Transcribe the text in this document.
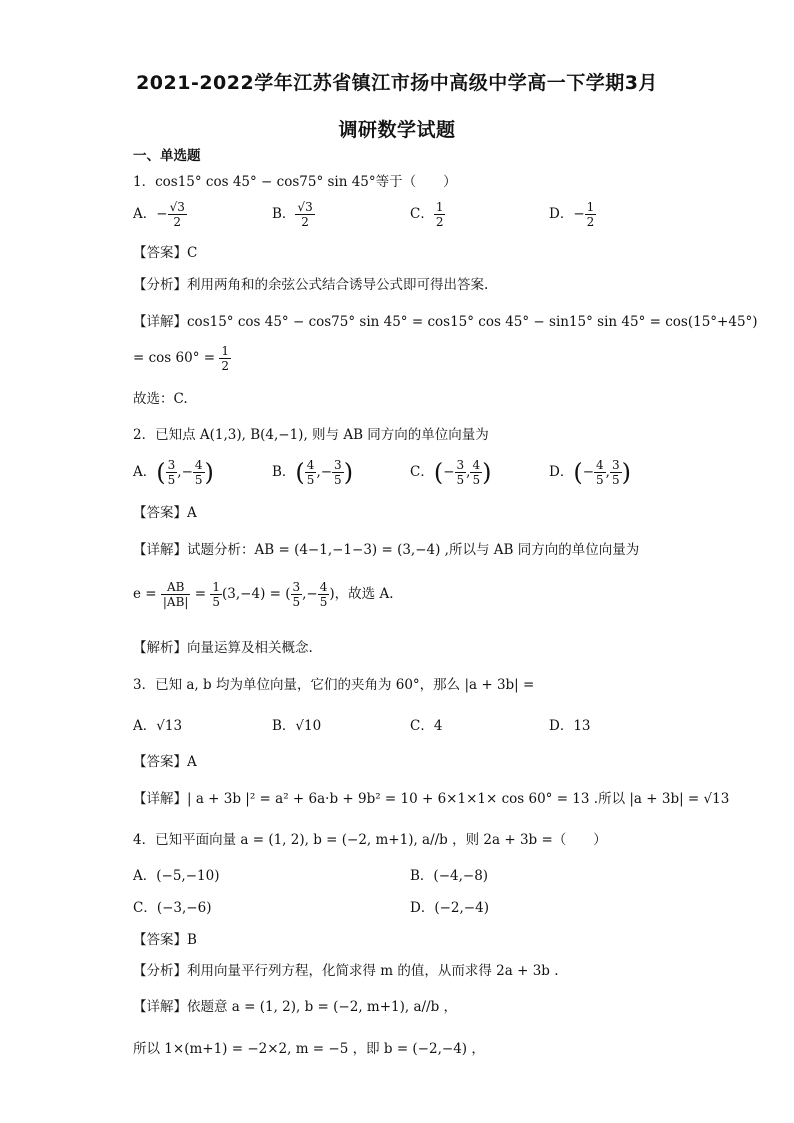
2021-2022学年江苏省镇江市扬中高级中学高一下学期3月
调研数学试题
一、单选题
1．cos15° cos 45° − cos75° sin 45°等于（　　）
A．− $\frac{√3}{2}$	B． $\frac{√3}{2}$	C． $\frac{1}{2}$	D．− $\frac{1}{2}$
【答案】C
【分析】利用两角和的余弦公式结合诱导公式即可得出答案.
【详解】cos15° cos 45° − cos75° sin 45° = cos15° cos 45° − sin15° sin 45° = cos(15°+45°)
= $\cos 60^\circ = \frac{1}{2}$
故选：C.
2．已知点 A(1,3), B(4,−1), 则与 AB 同方向的单位向量为
A．( $\frac{3}{5}$ ,− $\frac{4}{5}$ )	B．( $\frac{4}{5}$ ,− $\frac{3}{5}$ )	C．(− $\frac{3}{5}$ , $\frac{4}{5}$ )	D．(− $\frac{4}{5}$ , $\frac{3}{5}$ )
【答案】A
【详解】试题分析：AB = (4−1,−1−3) = (3,−4) ,所以与 AB 同方向的单位向量为
$e = \frac{AB}{|AB|} = \frac{1}{5} (3,-4)$ = ( $\frac{3}{5}$ ,− $\frac{4}{5}$ )，故选 A.
【解析】向量运算及相关概念.
3．已知 a, b 均为单位向量，它们的夹角为 60°，那么 |a + 3b| =
A．√13	B．√10	C．4	D．13
【答案】A
【详解】| a + 3b |² = a² + 6a·b + 9b² = 10 + 6×1×1× cos 60° = 13 .所以 |a + 3b| = √13
4．已知平面向量 a = (1, 2), b = (−2, m+1), a//b ，则 2a + 3b =（　　）
A．(−5,−10)	B．(−4,−8)
C．(−3,−6)	D．(−2,−4)
【答案】B
【分析】利用向量平行列方程，化简求得 m 的值，从而求得 2a + 3b .
【详解】依题意 a = (1, 2), b = (−2, m+1), a//b ，
所以 1×(m+1) = −2×2, m = −5 ，即 b = (−2,−4) ，
